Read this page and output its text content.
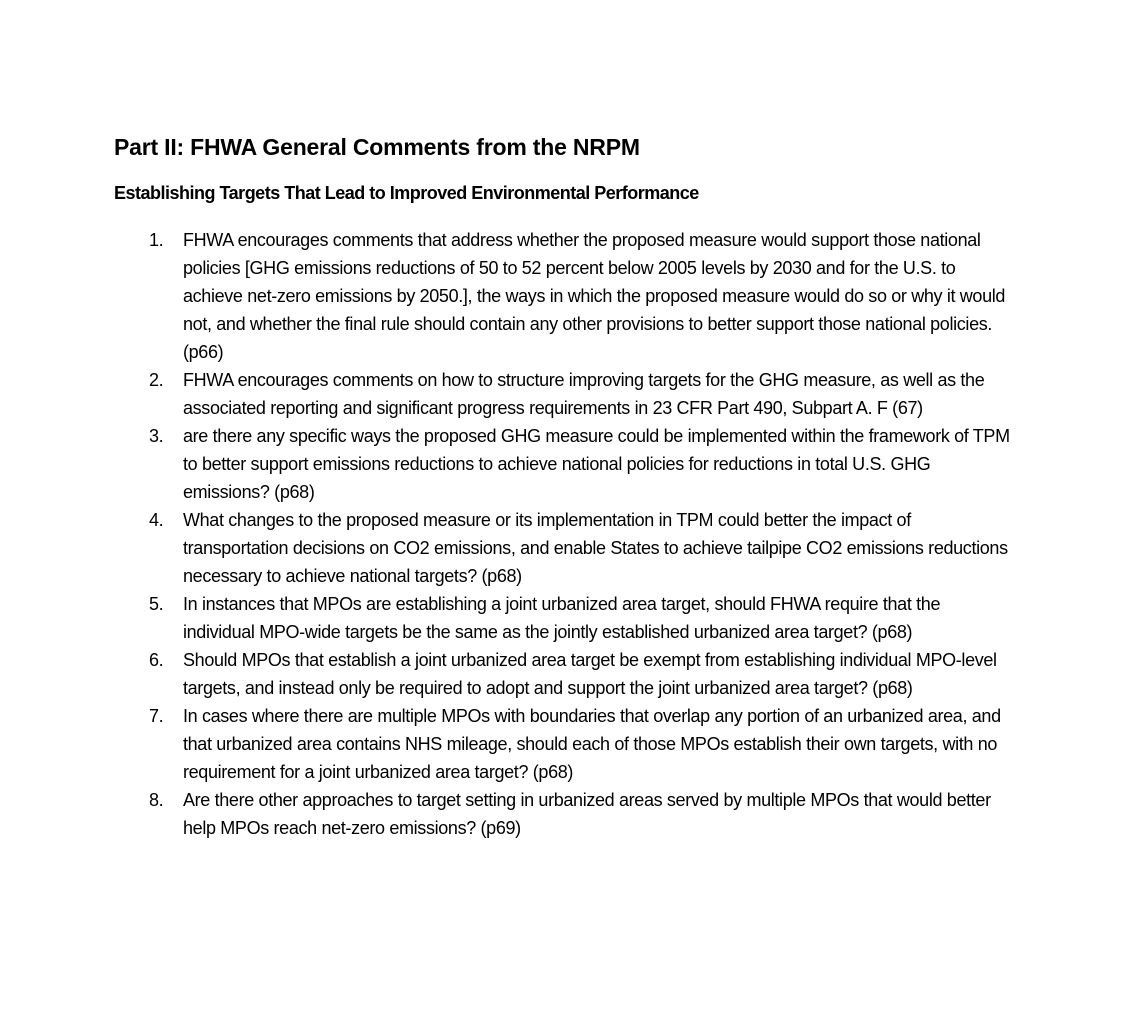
Part II: FHWA General Comments from the NRPM
Establishing Targets That Lead to Improved Environmental Performance
1.	FHWA encourages comments that address whether the proposed measure would support those national policies [GHG emissions reductions of 50 to 52 percent below 2005 levels by 2030 and for the U.S. to achieve net-zero emissions by 2050.], the ways in which the proposed measure would do so or why it would not, and whether the final rule should contain any other provisions to better support those national policies. (p66)
2.	FHWA encourages comments on how to structure improving targets for the GHG measure, as well as the associated reporting and significant progress requirements in 23 CFR Part 490, Subpart A. F (67)
3.	are there any specific ways the proposed GHG measure could be implemented within the framework of TPM to better support emissions reductions to achieve national policies for reductions in total U.S. GHG emissions? (p68)
4.	What changes to the proposed measure or its implementation in TPM could better the impact of transportation decisions on CO2 emissions, and enable States to achieve tailpipe CO2 emissions reductions necessary to achieve national targets? (p68)
5.	In instances that MPOs are establishing a joint urbanized area target, should FHWA require that the individual MPO-wide targets be the same as the jointly established urbanized area target? (p68)
6.	Should MPOs that establish a joint urbanized area target be exempt from establishing individual MPO-level targets, and instead only be required to adopt and support the joint urbanized area target? (p68)
7.	In cases where there are multiple MPOs with boundaries that overlap any portion of an urbanized area, and that urbanized area contains NHS mileage, should each of those MPOs establish their own targets, with no requirement for a joint urbanized area target? (p68)
8.	Are there other approaches to target setting in urbanized areas served by multiple MPOs that would better help MPOs reach net-zero emissions? (p69)
